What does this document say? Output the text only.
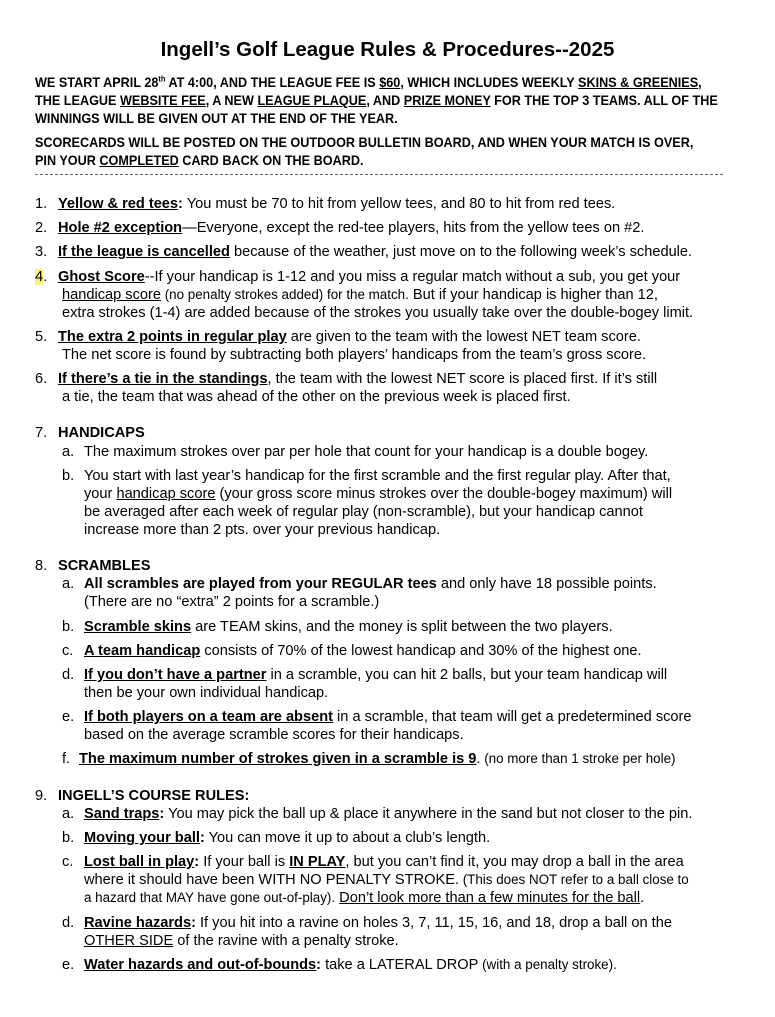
Ingell’s Golf League Rules & Procedures--2025
WE START APRIL 28th AT 4:00, AND THE LEAGUE FEE IS $60, WHICH INCLUDES WEEKLY SKINS & GREENIES,
THE LEAGUE WEBSITE FEE, A NEW LEAGUE PLAQUE, AND PRIZE MONEY FOR THE TOP 3 TEAMS. ALL OF THE
WINNINGS WILL BE GIVEN OUT AT THE END OF THE YEAR.
SCORECARDS WILL BE POSTED ON THE OUTDOOR BULLETIN BOARD, AND WHEN YOUR MATCH IS OVER,
PIN YOUR COMPLETED CARD BACK ON THE BOARD.
1. Yellow & red tees: You must be 70 to hit from yellow tees, and 80 to hit from red tees.
2. Hole #2 exception—Everyone, except the red-tee players, hits from the yellow tees on #2.
3. If the league is cancelled because of the weather, just move on to the following week’s schedule.
4. Ghost Score--If your handicap is 1-12 and you miss a regular match without a sub, you get your
handicap score (no penalty strokes added) for the match. But if your handicap is higher than 12,
extra strokes (1-4) are added because of the strokes you usually take over the double-bogey limit.
5. The extra 2 points in regular play are given to the team with the lowest NET team score.
The net score is found by subtracting both players’ handicaps from the team’s gross score.
6. If there’s a tie in the standings, the team with the lowest NET score is placed first. If it’s still
a tie, the team that was ahead of the other on the previous week is placed first.
7. HANDICAPS
a. The maximum strokes over par per hole that count for your handicap is a double bogey.
b. You start with last year’s handicap for the first scramble and the first regular play. After that,
your handicap score (your gross score minus strokes over the double-bogey maximum) will
be averaged after each week of regular play (non-scramble), but your handicap cannot
increase more than 2 pts. over your previous handicap.
8. SCRAMBLES
a. All scrambles are played from your REGULAR tees and only have 18 possible points.
(There are no “extra” 2 points for a scramble.)
b. Scramble skins are TEAM skins, and the money is split between the two players.
c. A team handicap consists of 70% of the lowest handicap and 30% of the highest one.
d. If you don’t have a partner in a scramble, you can hit 2 balls, but your team handicap will
then be your own individual handicap.
e. If both players on a team are absent in a scramble, that team will get a predetermined score
based on the average scramble scores for their handicaps.
f. The maximum number of strokes given in a scramble is 9. (no more than 1 stroke per hole)
9. INGELL’S COURSE RULES:
a. Sand traps: You may pick the ball up & place it anywhere in the sand but not closer to the pin.
b. Moving your ball: You can move it up to about a club’s length.
c. Lost ball in play: If your ball is IN PLAY, but you can’t find it, you may drop a ball in the area
where it should have been WITH NO PENALTY STROKE. (This does NOT refer to a ball close to
a hazard that MAY have gone out-of-play). Don’t look more than a few minutes for the ball.
d. Ravine hazards: If you hit into a ravine on holes 3, 7, 11, 15, 16, and 18, drop a ball on the
OTHER SIDE of the ravine with a penalty stroke.
e. Water hazards and out-of-bounds: take a LATERAL DROP (with a penalty stroke).
